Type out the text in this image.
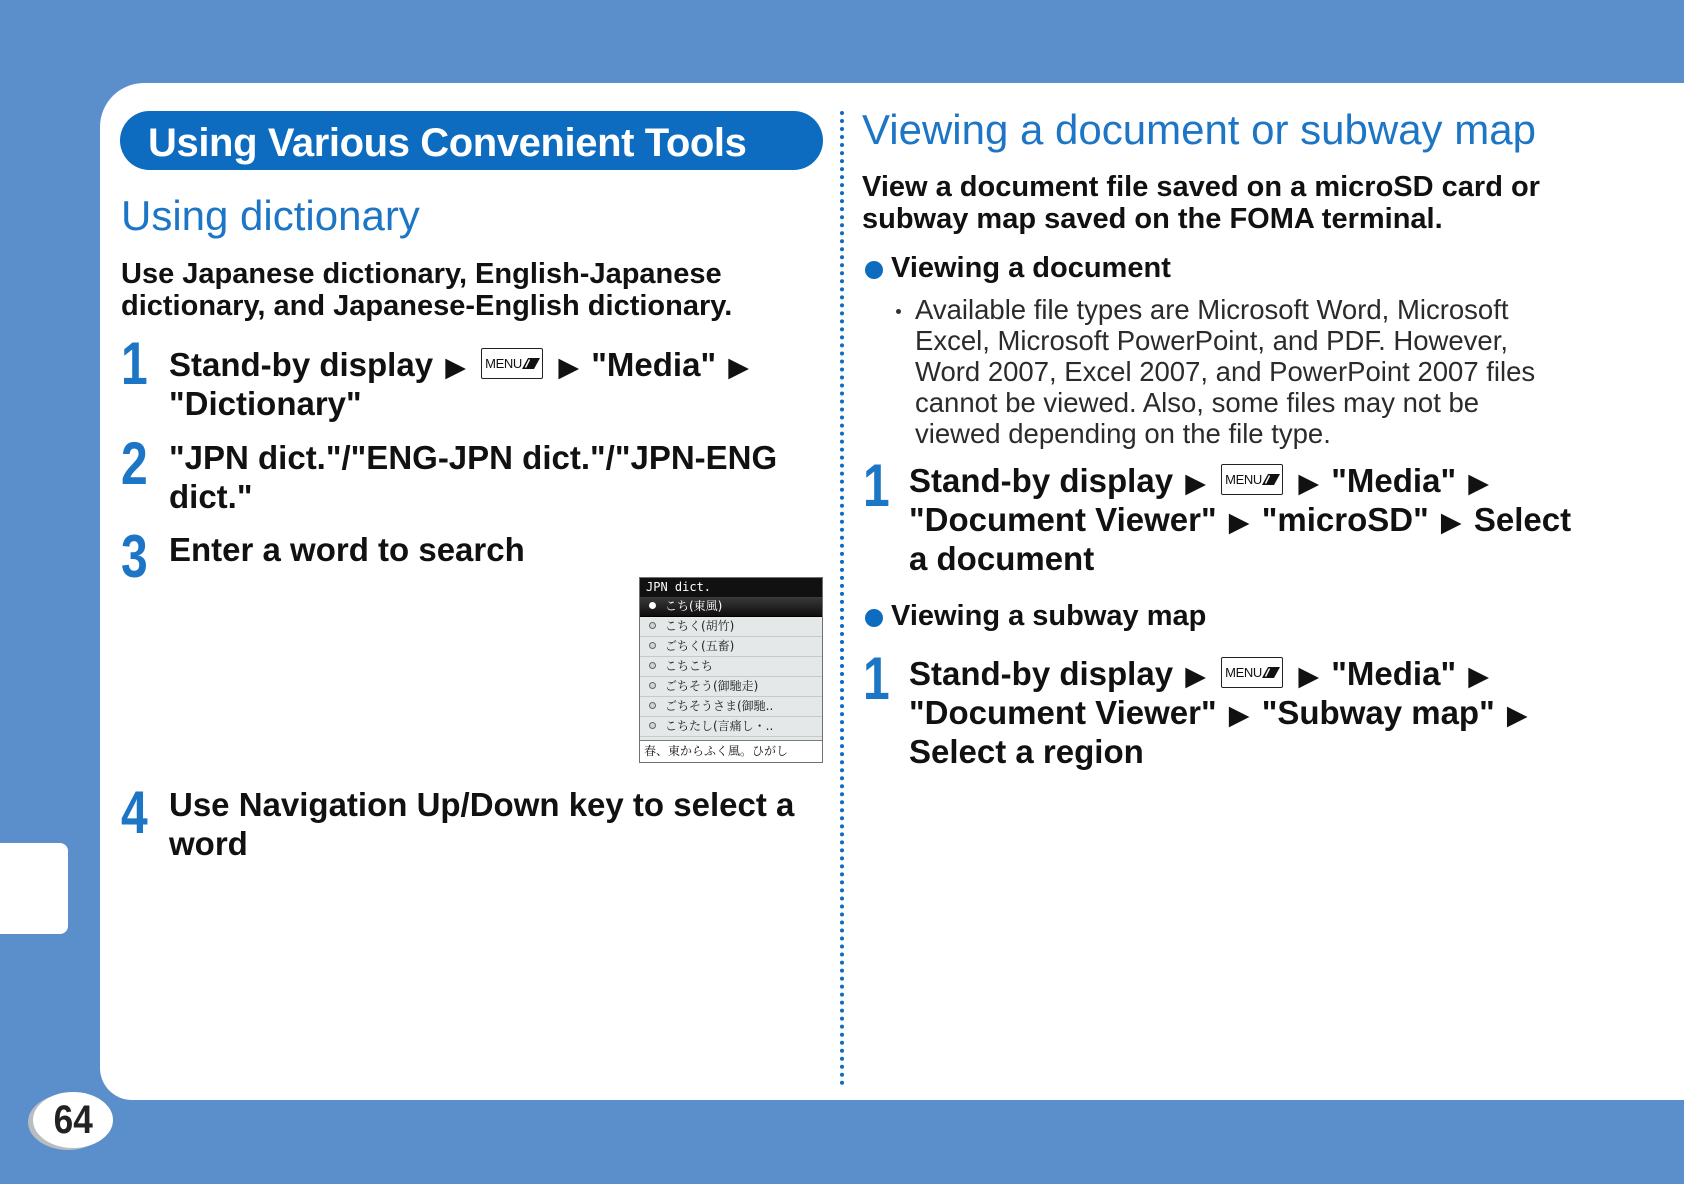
64
Using Various Convenient Tools
Using dictionary
Use Japanese dictionary, English-Japanese
dictionary, and Japanese-English dictionary.
1 Stand-by display ▶ MENU ▶ "Media" ▶
"Dictionary"
2 "JPN dict."/"ENG-JPN dict."/"JPN-ENG
dict."
3 Enter a word to search
JPN dict.
こち(東風)
こちく(胡竹)
ごちく(五畜)
こちこち
ごちそう(御馳走)
ごちそうさま(御馳..
こちたし(言痛し・..
春、東からふく風。ひがし
4 Use Navigation Up/Down key to select a
word
Viewing a document or subway map
View a document file saved on a microSD card or
subway map saved on the FOMA terminal.
Viewing a document
Available file types are Microsoft Word, Microsoft
Excel, Microsoft PowerPoint, and PDF. However,
Word 2007, Excel 2007, and PowerPoint 2007 files
cannot be viewed. Also, some files may not be
viewed depending on the file type.
1 Stand-by display ▶ MENU ▶ "Media" ▶
"Document Viewer" ▶ "microSD" ▶ Select
a document
Viewing a subway map
1 Stand-by display ▶ MENU ▶ "Media" ▶
"Document Viewer" ▶ "Subway map" ▶
Select a region
